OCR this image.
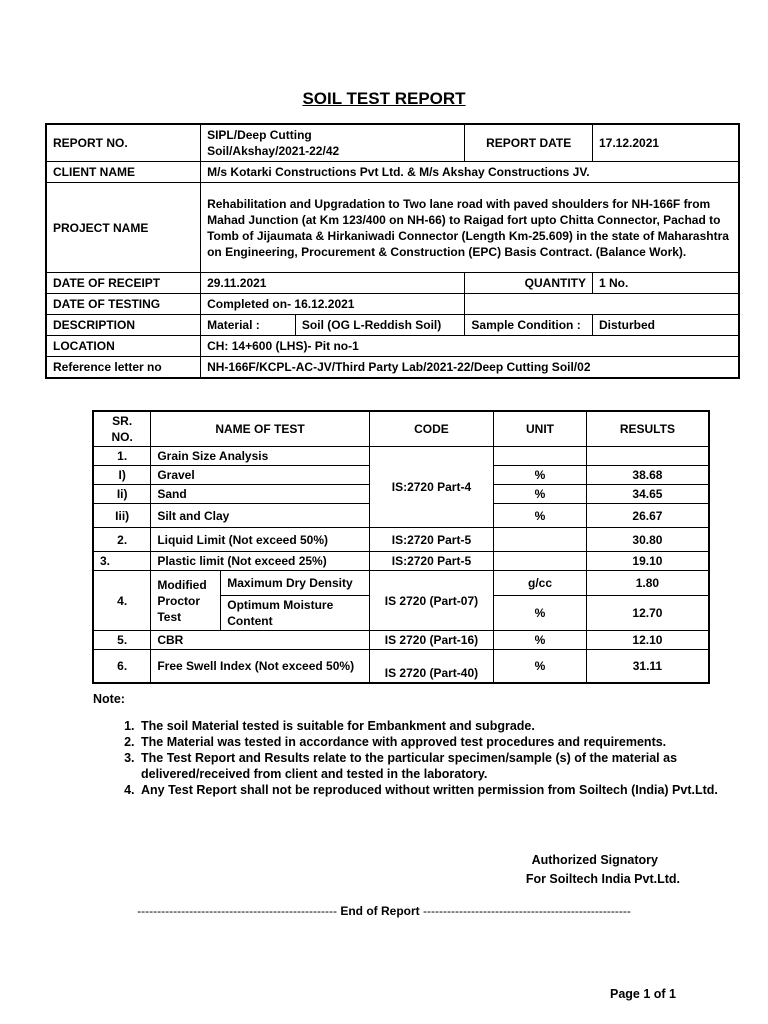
SOIL TEST REPORT
REPORT NO.	SIPL/Deep Cutting Soil/Akshay/2021-22/42		REPORT DATE	17.12.2021
CLIENT NAME	M/s Kotarki Constructions Pvt Ltd. & M/s Akshay Constructions JV.			
PROJECT NAME	Rehabilitation and Upgradation to Two lane road with paved shoulders for NH-166F from Mahad Junction (at Km 123/400 on NH-66) to Raigad fort upto Chitta Connector, Pachad to Tomb of Jijaumata & Hirkaniwadi Connector (Length Km-25.609) in the state of Maharashtra on Engineering, Procurement & Construction (EPC) Basis Contract. (Balance Work).			
DATE OF RECEIPT	29.11.2021		QUANTITY	1 No.
DATE OF TESTING	Completed on- 16.12.2021			
DESCRIPTION	Material :	Soil (OG L-Reddish Soil)	Sample Condition :	Disturbed
LOCATION	CH: 14+600 (LHS)- Pit no-1			
Reference letter no	NH-166F/KCPL-AC-JV/Third Party Lab/2021-22/Deep Cutting Soil/02			
SR. NO.	NAME OF TEST		CODE	UNIT	RESULTS
1.	Grain Size Analysis		IS:2720 Part-4		
I)	Gravel			%	38.68
Ii)	Sand			%	34.65
Iii)	Silt and Clay			%	26.67
2.	Liquid Limit (Not exceed 50%)		IS:2720 Part-5		30.80
3.	Plastic limit (Not exceed 25%)		IS:2720 Part-5		19.10
4.	Modified Proctor Test	Maximum Dry Density	IS 2720 (Part-07)	g/cc	1.80
		Optimum Moisture Content		%	12.70
5.	CBR		IS 2720 (Part-16)	%	12.10
6.	Free Swell Index (Not exceed 50%)		IS 2720 (Part-40)	%	31.11
Note:
1. The soil Material tested is suitable for Embankment and subgrade.
2. The Material was tested in accordance with approved test procedures and requirements.
3. The Test Report and Results relate to the particular specimen/sample (s) of the material as delivered/received from client and tested in the laboratory.
4. Any Test Report shall not be reproduced without written permission from Soiltech (India) Pvt.Ltd.
Authorized Signatory
For Soiltech India Pvt.Ltd.
-------------------------------------------------- End of Report ----------------------------------------------------
Page 1 of 1
